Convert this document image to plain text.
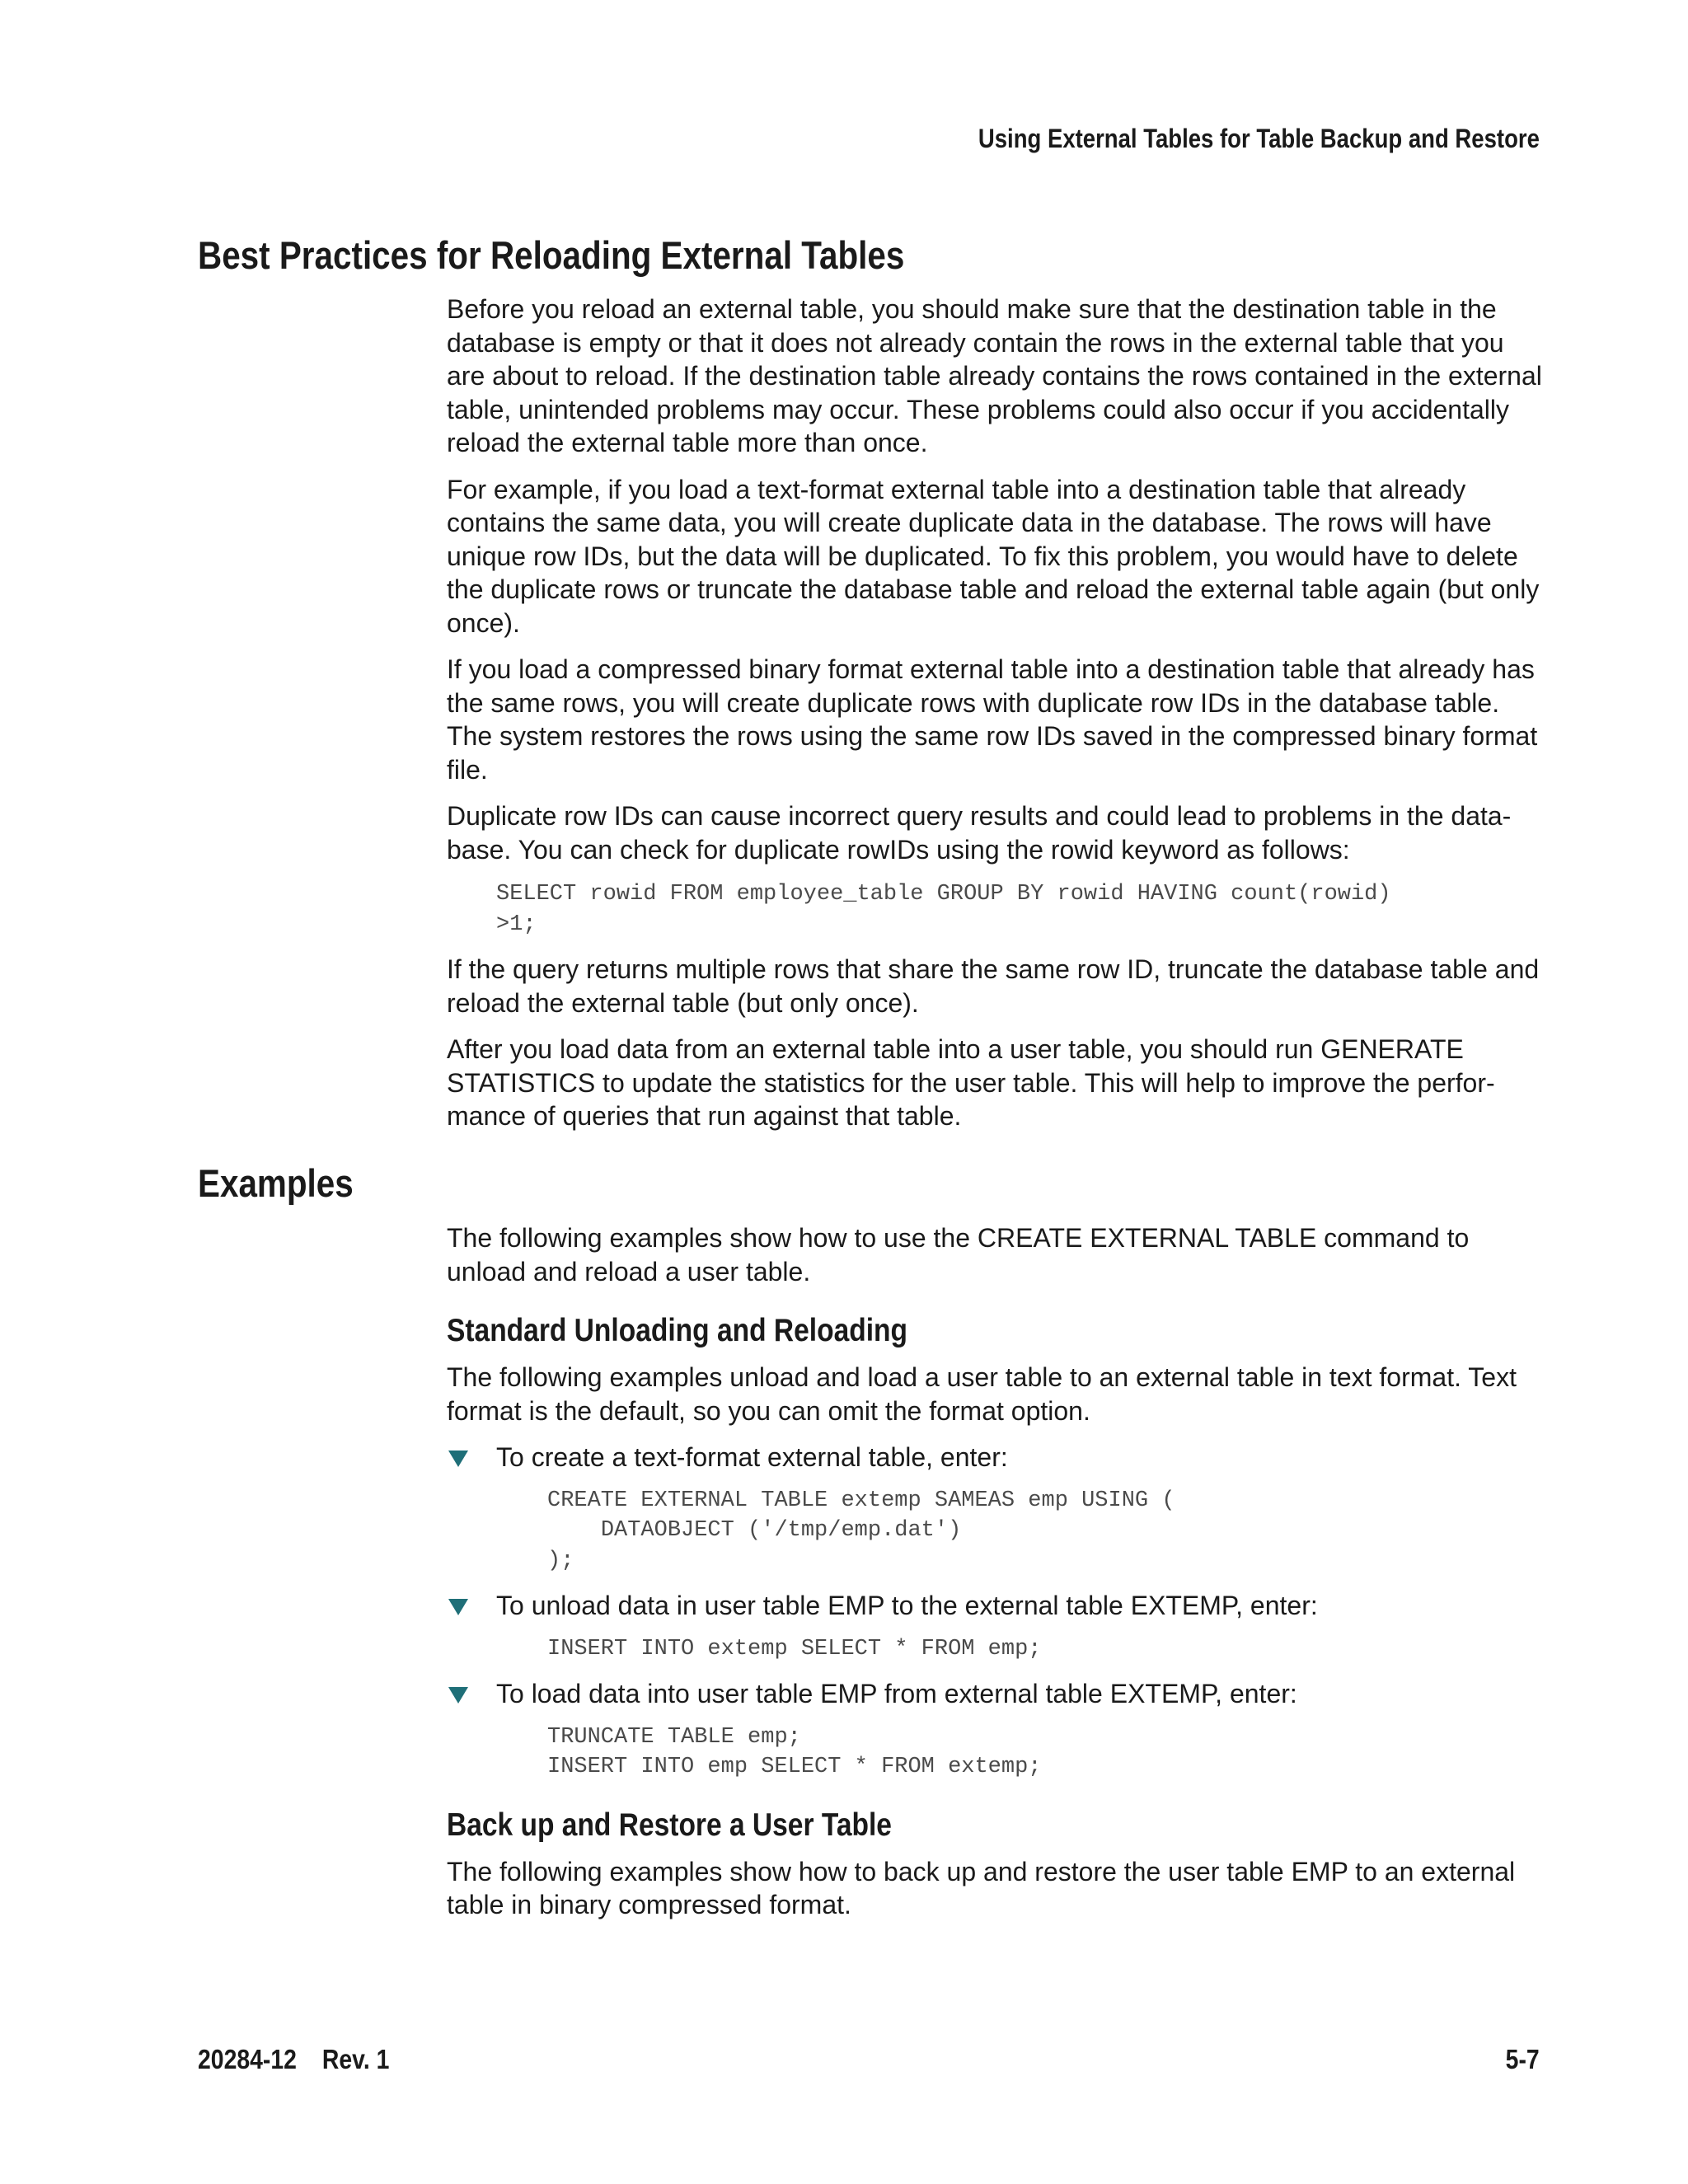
Using External Tables for Table Backup and Restore
Best Practices for Reloading External Tables

Before you reload an external table, you should make sure that the destination table in the database is empty or that it does not already contain the rows in the external table that you are about to reload. If the destination table already contains the rows contained in the external table, unintended problems may occur. These problems could also occur if you accidentally reload the external table more than once.

For example, if you load a text-format external table into a destination table that already contains the same data, you will create duplicate data in the database. The rows will have unique row IDs, but the data will be duplicated. To fix this problem, you would have to delete the duplicate rows or truncate the database table and reload the external table again (but only once).

If you load a compressed binary format external table into a destination table that already has the same rows, you will create duplicate rows with duplicate row IDs in the database table. The system restores the rows using the same row IDs saved in the compressed binary format file.

Duplicate row IDs can cause incorrect query results and could lead to problems in the database. You can check for duplicate rowIDs using the rowid keyword as follows:

SELECT rowid FROM employee_table GROUP BY rowid HAVING count(rowid)
>1;

If the query returns multiple rows that share the same row ID, truncate the database table and reload the external table (but only once).

After you load data from an external table into a user table, you should run GENERATE STATISTICS to update the statistics for the user table. This will help to improve the performance of queries that run against that table.

Examples

The following examples show how to use the CREATE EXTERNAL TABLE command to unload and reload a user table.

Standard Unloading and Reloading

The following examples unload and load a user table to an external table in text format. Text format is the default, so you can omit the format option.

To create a text-format external table, enter:
CREATE EXTERNAL TABLE extemp SAMEAS emp USING (
DATAOBJECT ('/tmp/emp.dat')
);
To unload data in user table EMP to the external table EXTEMP, enter:
INSERT INTO extemp SELECT * FROM emp;
To load data into user table EMP from external table EXTEMP, enter:
TRUNCATE TABLE emp;
INSERT INTO emp SELECT * FROM extemp;
Back up and Restore a User Table

The following examples show how to back up and restore the user table EMP to an external table in binary compressed format.

20284-12 Rev. 1	5-7
